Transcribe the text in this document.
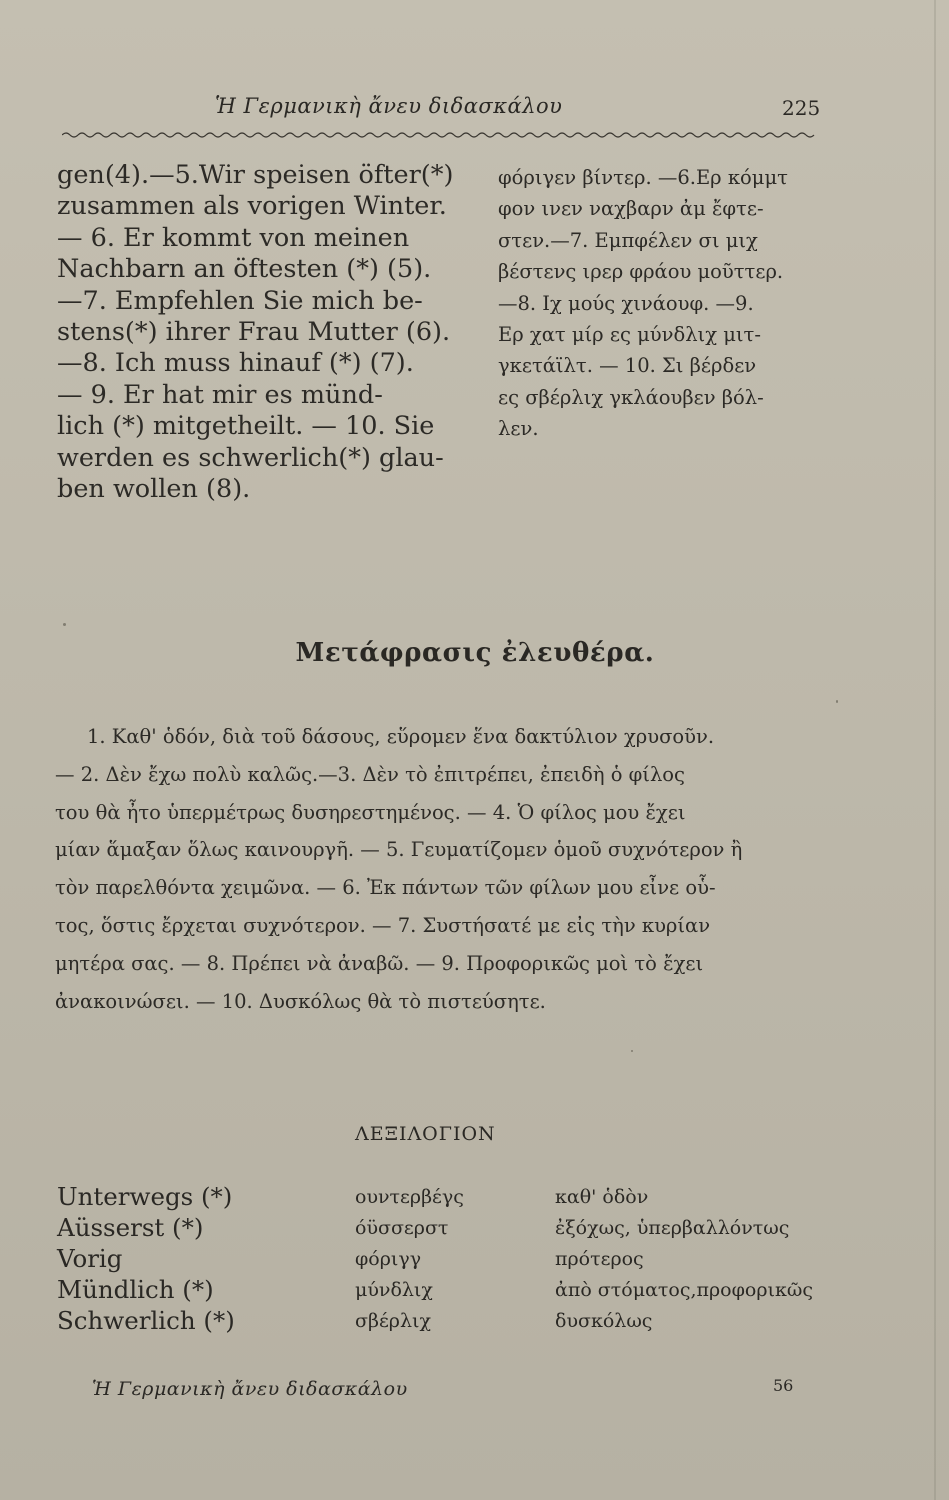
Ἡ Γερμανικὴ ἄνευ διδασκάλου	225
gen(4).—5.Wir speisen öfter(*)
zusammen als vorigen Winter.
— 6. Er kommt von meinen
Nachbarn an öftesten (*) (5).
—7. Empfehlen Sie mich be-
stens(*) ihrer Frau Mutter (6).
—8. Ich muss hinauf (*) (7).
— 9. Er hat mir es münd-
lich (*) mitgetheilt. — 10. Sie
werden es schwerlich(*) glau-
ben wollen (8).
φόριγεν βίντερ. —6.Ερ κόμμτ
φον ινεν ναχβαρν ἀμ ἔφτε-
στεν.—7. Εμπφέλεν σι μιχ
βέστενς ιρερ φράου μοῦττερ.
—8. Ιχ μούς χινάουφ. —9.
Ερ χατ μίρ ες μύνδλιχ μιτ-
γκετάϊλτ. — 10. Σι βέρδεν
ες σβέρλιχ γκλάουβεν βόλ-
λεν.
Μετάφρασις ἐλευθέρα.
1. Καθ' ὁδόν, διὰ τοῦ δάσους, εὕρομεν ἕνα δακτύλιον χρυσοῦν.
— 2. Δὲν ἔχω πολὺ καλῶς.—3. Δὲν τὸ ἐπιτρέπει, ἐπειδὴ ὁ φίλος
του θὰ ἦτο ὑπερμέτρως δυσηρεστημένος. — 4. Ὁ φίλος μου ἔχει
μίαν ἅμαξαν ὅλως καινουργῆ. — 5. Γευματίζομεν ὁμοῦ συχνότερον ἢ
τὸν παρελθόντα χειμῶνα. — 6. Ἐκ πάντων τῶν φίλων μου εἶνε οὗ-
τος, ὅστις ἔρχεται συχνότερον. — 7. Συστήσατέ με εἰς τὴν κυρίαν
μητέρα σας. — 8. Πρέπει νὰ ἀναβῶ. — 9. Προφορικῶς μοὶ τὸ ἔχει
ἀνακοινώσει. — 10. Δυσκόλως θὰ τὸ πιστεύσητε.
ΛΕΞΙΛΟΓΙΟΝ
Unterwegs (*)	ουντερβέγς	καθ' ὁδὸν
Aüsserst (*)	όϋσσερστ	ἐξόχως, ὑπερβαλλόντως
Vorig	φόριγγ	πρότερος
Mündlich (*)	μύνδλιχ	ἀπὸ στόματος,προφορικῶς
Schwerlich (*)	σβέρλιχ	δυσκόλως
Ἡ Γερμανικὴ ἄνευ διδασκάλου	56
